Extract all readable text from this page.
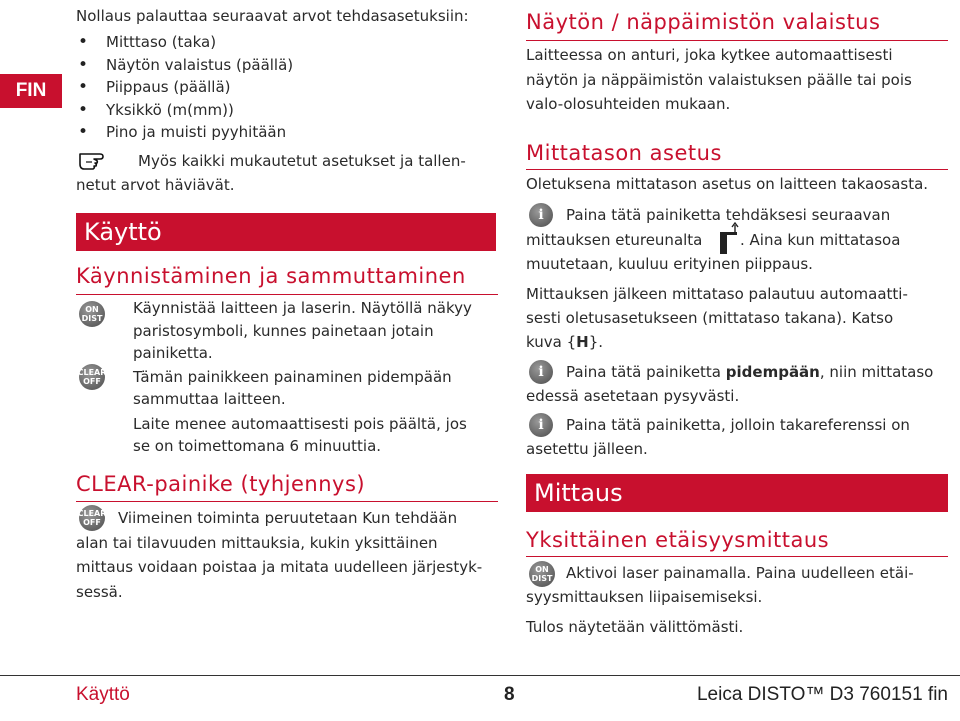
FIN
Nollaus palauttaa seuraavat arvot tehdasasetuksiin:
• Mitttaso (taka)
• Näytön valaistus (päällä)
• Piippaus (päällä)
• Yksikkö (m(mm))
• Pino ja muisti pyyhitään
Myös kaikki mukautetut asetukset ja tallen-
netut arvot häviävät.
Käyttö
Käynnistäminen ja sammuttaminen
ON
DIST
Käynnistää laitteen ja laserin. Näytöllä näkyy
paristosymboli, kunnes painetaan jotain
painiketta.
CLEAR
OFF Tämän painikkeen painaminen pidempään
sammuttaa laitteen.
Laite menee automaattisesti pois päältä, jos
se on toimettomana 6 minuuttia.
CLEAR-painike (tyhjennys)
CLEAR
OFF Viimeinen toiminta peruutetaan Kun tehdään
alan tai tilavuuden mittauksia, kukin yksittäinen
mittaus voidaan poistaa ja mitata uudelleen järjestyk-
sessä.
Näytön / näppäimistön valaistus
Laitteessa on anturi, joka kytkee automaattisesti
näytön ja näppäimistön valaistuksen päälle tai pois
valo-olosuhteiden mukaan.
Mittatason asetus
Oletuksena mittatason asetus on laitteen takaosasta.
i	Paina tätä painiketta tehdäksesi seuraavan
mittauksen etureunalta	. Aina kun mittatasoa
muutetaan, kuuluu erityinen piippaus.
Mittauksen jälkeen mittataso palautuu automaatti-
sesti oletusasetukseen (mittataso takana). Katso
kuva {H}.
i	Paina tätä painiketta pidempään, niin mittataso
edessä asetetaan pysyvästi.
i	Paina tätä painiketta, jolloin takareferenssi on
asetettu jälleen.
Mittaus
Yksittäinen etäisyysmittaus
ON
DIST Aktivoi laser painamalla. Paina uudelleen etäi-
syysmittauksen liipaisemiseksi.
Tulos näytetään välittömästi.
Käyttö	8	Leica DISTO™ D3 760151 fin
